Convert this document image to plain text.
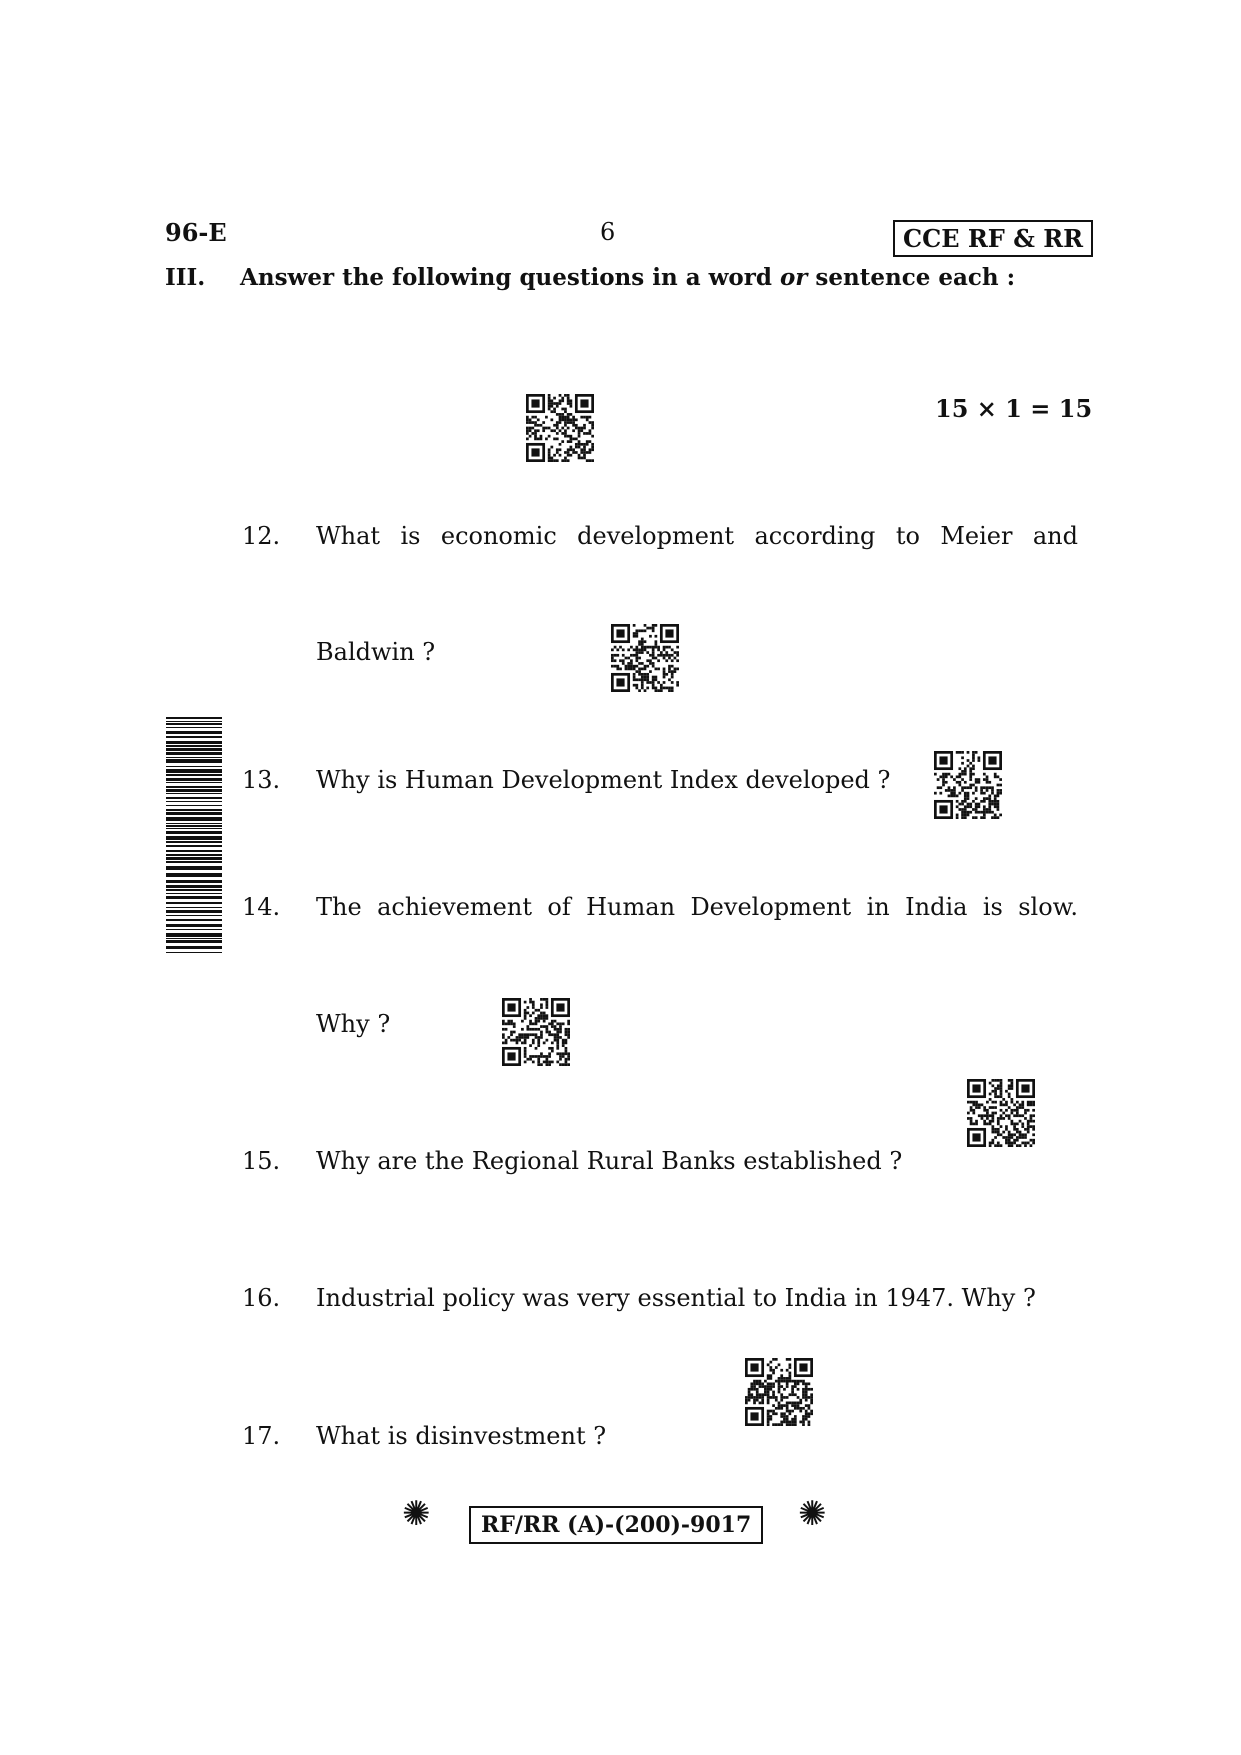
96-E	6	CCE RF & RR
III. Answer the following questions in a word or sentence each :
15 × 1 = 15
12. What is economic development according to Meier and
Baldwin ?
13. Why is Human Development Index developed ?
14. The achievement of Human Development in India is slow.
Why ?
15. Why are the Regional Rural Banks established ?
16. Industrial policy was very essential to India in 1947. Why ?
17. What is disinvestment ?
✺	RF/RR (A)-(200)-9017	✺
